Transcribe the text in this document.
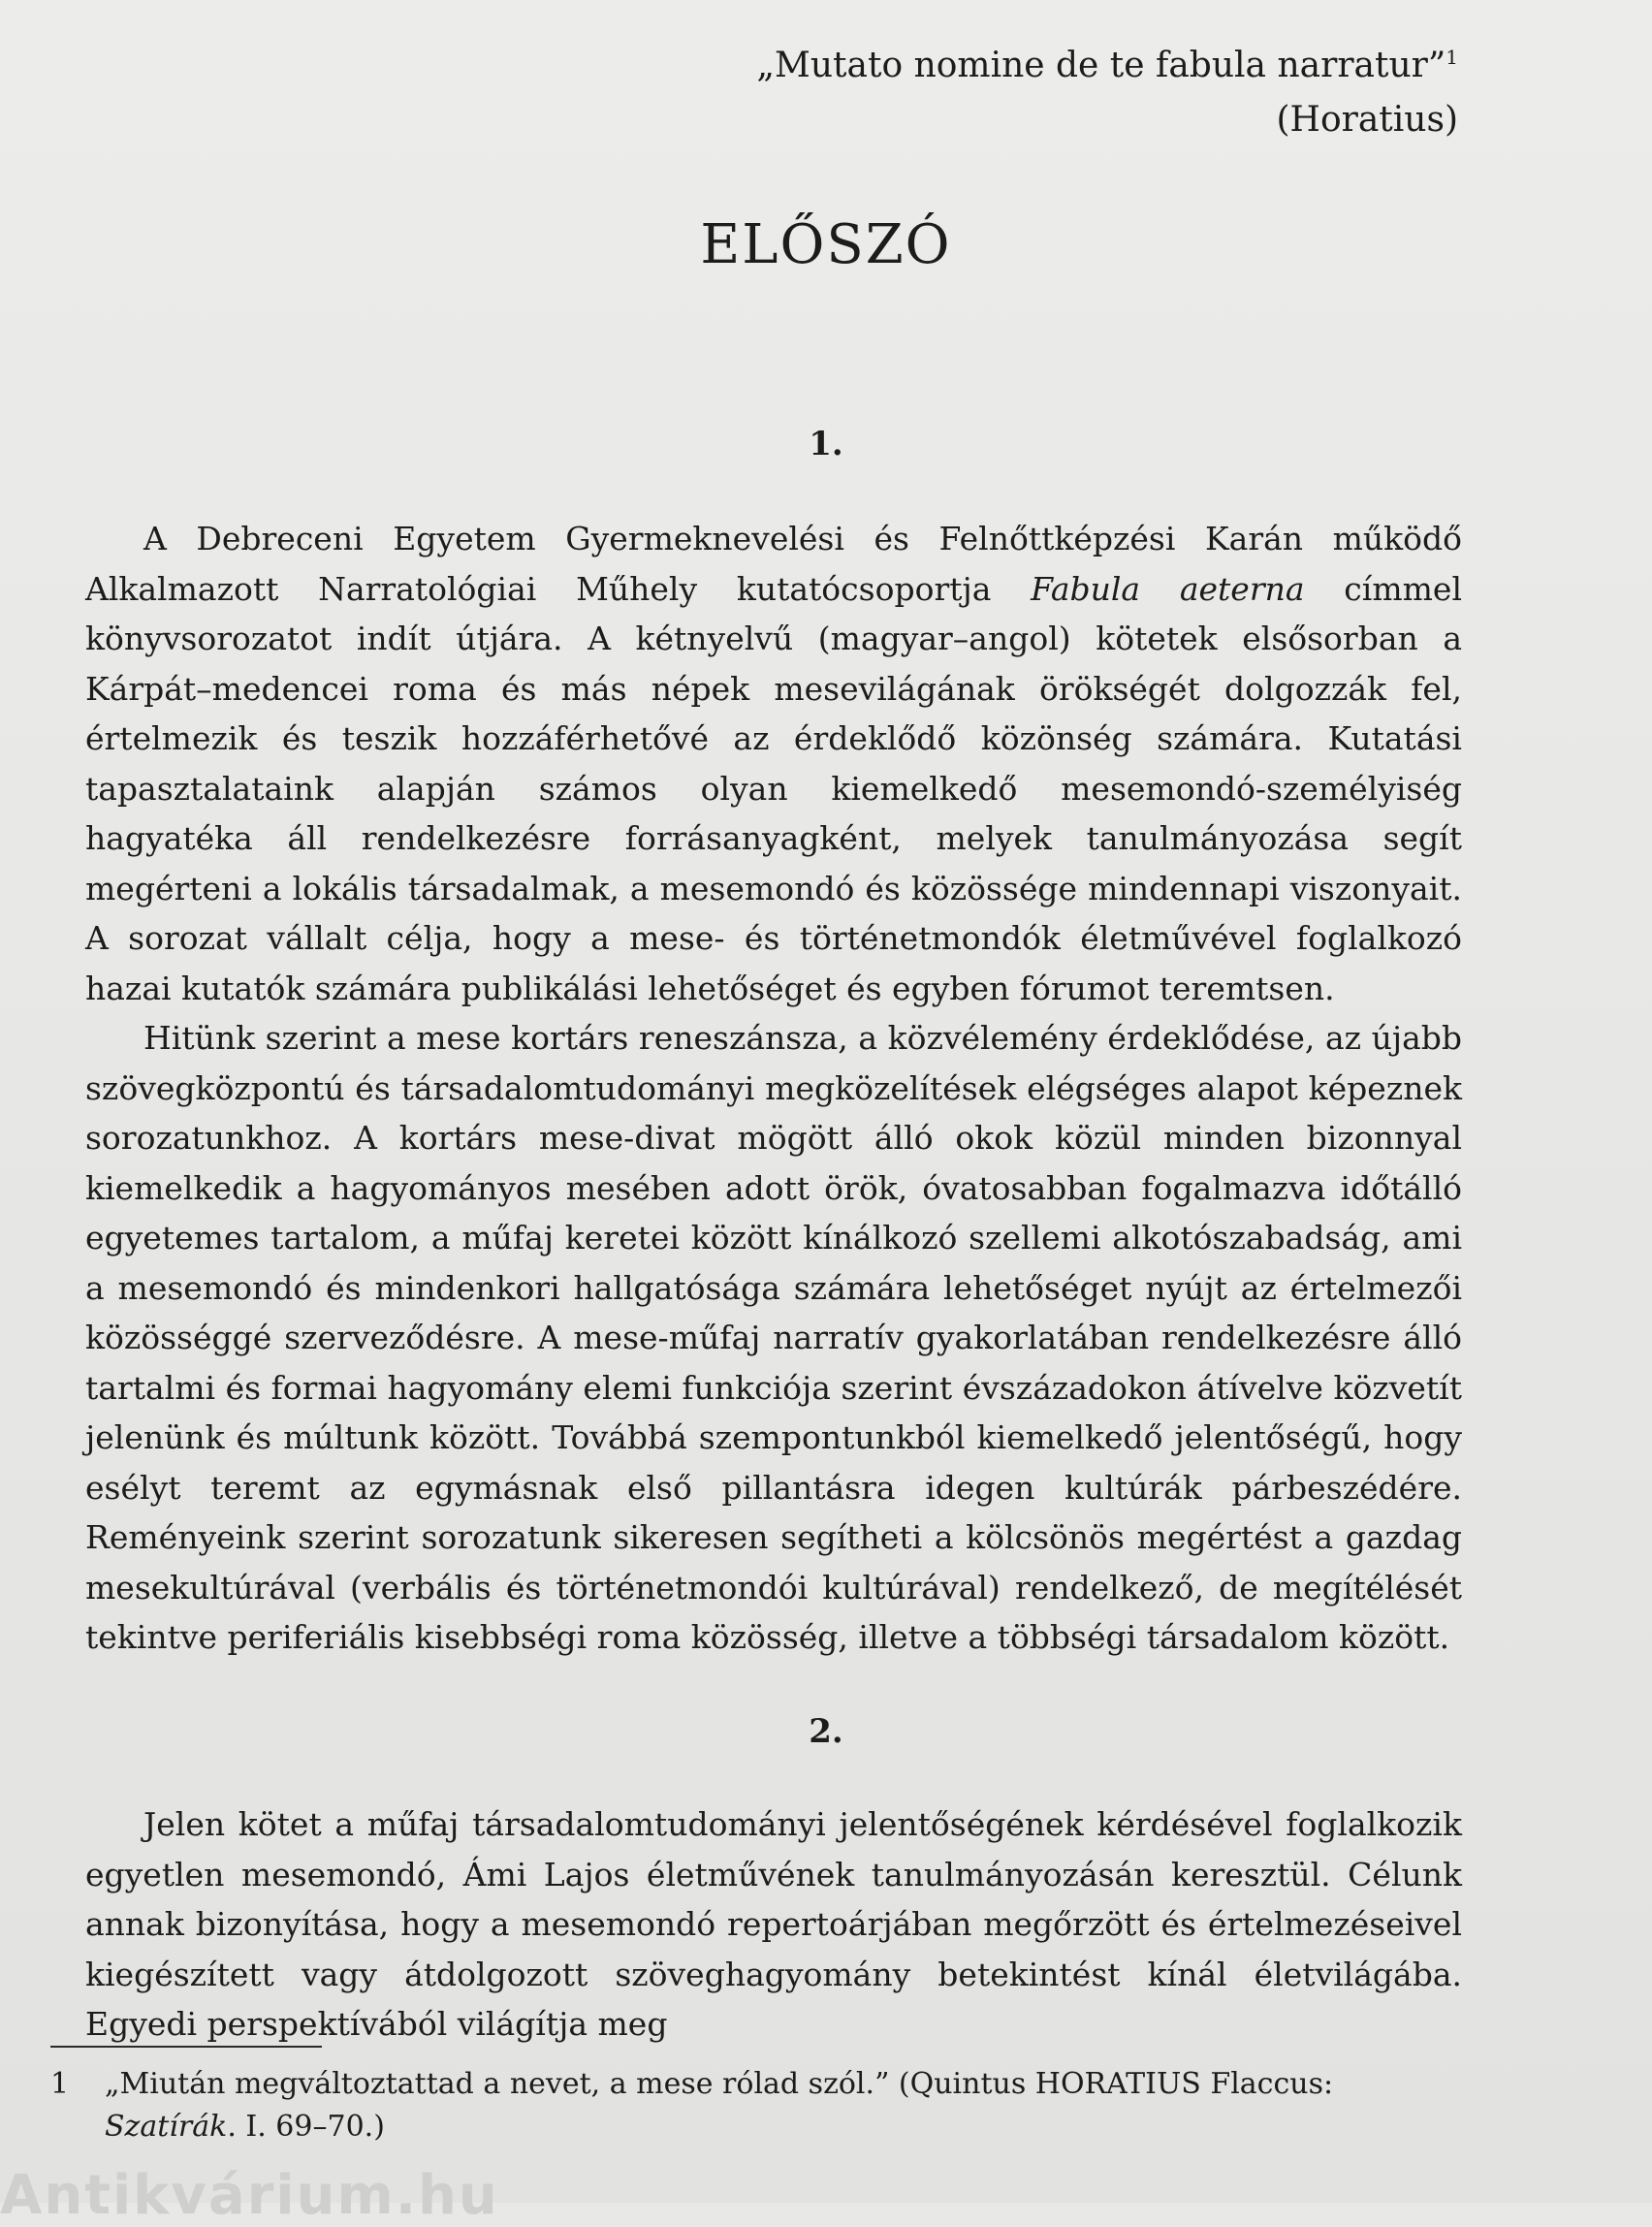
„Mutato nomine de te fabula narratur”$^1$
(Horatius)
ELŐSZÓ
1.

A Debreceni Egyetem Gyermeknevelési és Felnőttképzési Karán működő Alkalmazott Narratológiai Műhely kutatócsoportja Fabula aeterna címmel könyvsorozatot indít útjára. A kétnyelvű (magyar–angol) kötetek elsősorban a Kárpát–medencei roma és más népek mesevilágának örökségét dolgozzák fel, értelmezik és teszik hozzáférhetővé az érdeklődő közönség számára. Kutatási tapasztalataink alapján számos olyan kiemelkedő mesemondó-személyiség hagyatéka áll rendelkezésre forrásanyagként, melyek tanulmányozása segít megérteni a lokális társadalmak, a mesemondó és közössége mindennapi viszonyait. A sorozat vállalt célja, hogy a mese- és történetmondók életművével foglalkozó hazai kutatók számára publikálási lehetőséget és egyben fórumot teremtsen.

Hitünk szerint a mese kortárs reneszánsza, a közvélemény érdeklődése, az újabb szövegközpontú és társadalomtudományi megközelítések elégséges alapot képeznek sorozatunkhoz. A kortárs mese-divat mögött álló okok közül minden bizonnyal kiemelkedik a hagyományos mesében adott örök, óvatosabban fogalmazva időtálló egyetemes tartalom, a műfaj keretei között kínálkozó szellemi alkotószabadság, ami a mesemondó és mindenkori hallgatósága számára lehetőséget nyújt az értelmezői közösséggé szerveződésre. A mese-műfaj narratív gyakorlatában rendelkezésre álló tartalmi és formai hagyomány elemi funkciója szerint évszázadokon átívelve közvetít jelenünk és múltunk között. Továbbá szempontunkból kiemelkedő jelentőségű, hogy esélyt teremt az egymásnak első pillantásra idegen kultúrák párbeszédére. Reményeink szerint sorozatunk sikeresen segítheti a kölcsönös megértést a gazdag mesekultúrával (verbális és történetmondói kultúrával) rendelkező, de megítélését tekintve periferiális kisebbségi roma közösség, illetve a többségi társadalom között.

2.

Jelen kötet a műfaj társadalomtudományi jelentőségének kérdésével foglalkozik egyetlen mesemondó, Ámi Lajos életművének tanulmányozásán keresztül. Célunk annak bizonyítása, hogy a mesemondó repertoárjában megőrzött és értelmezéseivel kiegészített vagy átdolgozott szöveghagyomány betekintést kínál életvilágába. Egyedi perspektívából világítja meg

1 „Miután megváltoztattad a nevet, a mese rólad szól.” (Quintus HORATIUS Flaccus: Szatírák. I. 69–70.)
Antikvárium.hu
